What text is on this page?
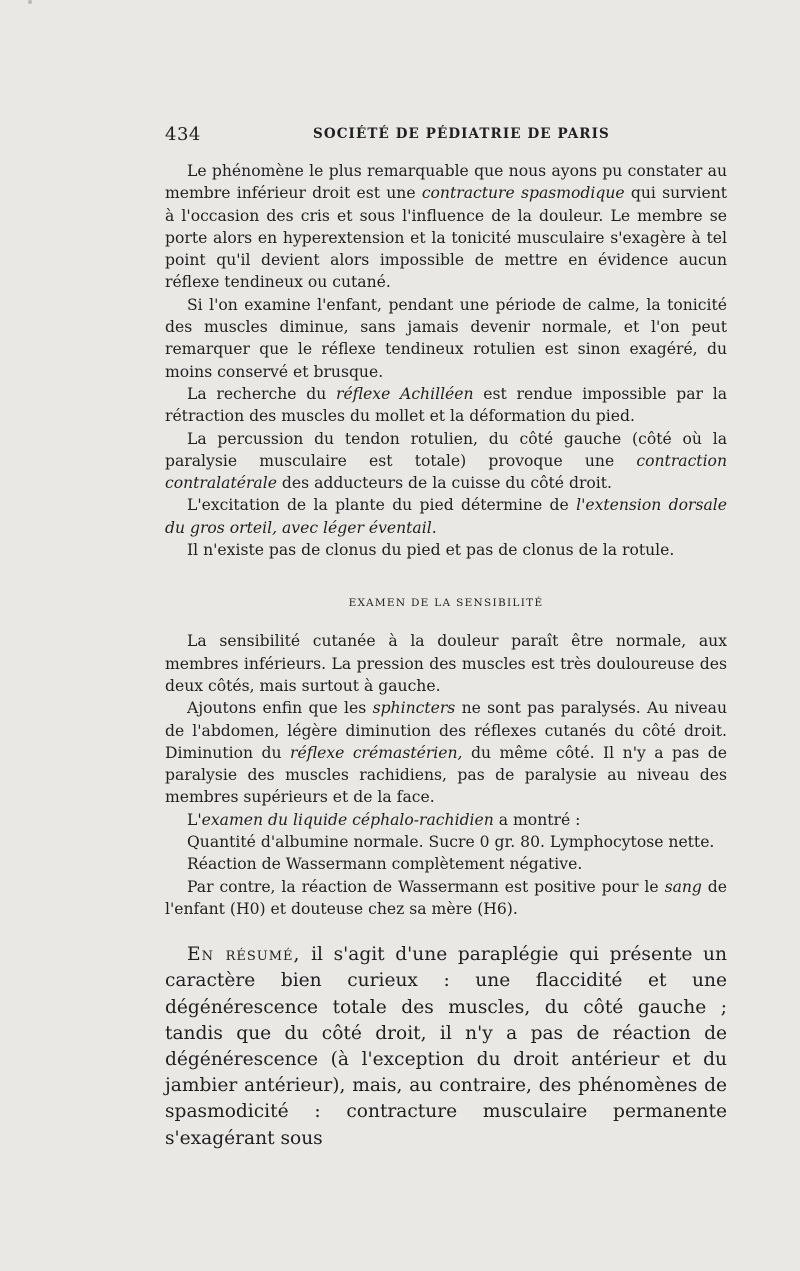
434	SOCIÉTÉ DE PÉDIATRIE DE PARIS

Le phénomène le plus remarquable que nous ayons pu constater au membre inférieur droit est une contracture spasmodique qui survient à l'occasion des cris et sous l'influence de la douleur. Le membre se porte alors en hyperextension et la tonicité musculaire s'exagère à tel point qu'il devient alors impossible de mettre en évidence aucun réflexe tendineux ou cutané.

Si l'on examine l'enfant, pendant une période de calme, la tonicité des muscles diminue, sans jamais devenir normale, et l'on peut remarquer que le réflexe tendineux rotulien est sinon exagéré, du moins conservé et brusque.

La recherche du réflexe Achilléen est rendue impossible par la rétraction des muscles du mollet et la déformation du pied.

La percussion du tendon rotulien, du côté gauche (côté où la paralysie musculaire est totale) provoque une contraction contralatérale des adducteurs de la cuisse du côté droit.

L'excitation de la plante du pied détermine de l'extension dorsale du gros orteil, avec léger éventail.

Il n'existe pas de clonus du pied et pas de clonus de la rotule.

EXAMEN DE LA SENSIBILITÉ

La sensibilité cutanée à la douleur paraît être normale, aux membres inférieurs. La pression des muscles est très douloureuse des deux côtés, mais surtout à gauche.

Ajoutons enfin que les sphincters ne sont pas paralysés. Au niveau de l'abdomen, légère diminution des réflexes cutanés du côté droit. Diminution du réflexe crémastérien, du même côté. Il n'y a pas de paralysie des muscles rachidiens, pas de paralysie au niveau des membres supérieurs et de la face.

L'examen du liquide céphalo-rachidien a montré :

Quantité d'albumine normale. Sucre 0 gr. 80. Lymphocytose nette.

Réaction de Wassermann complètement négative.

Par contre, la réaction de Wassermann est positive pour le sang de l'enfant (H0) et douteuse chez sa mère (H6).

En résumé, il s'agit d'une paraplégie qui présente un caractère bien curieux : une flaccidité et une dégénérescence totale des muscles, du côté gauche ; tandis que du côté droit, il n'y a pas de réaction de dégénérescence (à l'exception du droit antérieur et du jambier antérieur), mais, au contraire, des phénomènes de spasmodicité : contracture musculaire permanente s'exagérant sous
